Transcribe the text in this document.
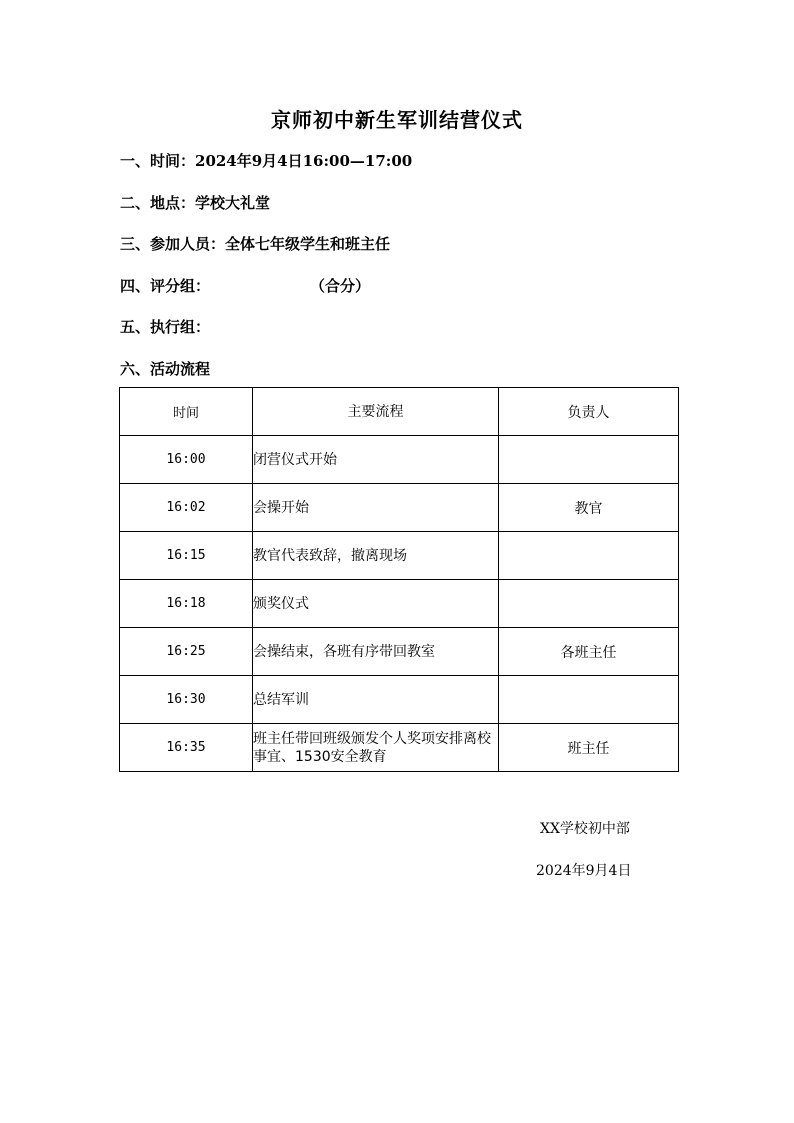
京师初中新生军训结营仪式
一、时间：2024年9月4日16:00—17:00
二、地点：学校大礼堂
三、参加人员：全体七年级学生和班主任
四、评分组：	（合分）
五、执行组：
六、活动流程
时间	主要流程	负责人
16:00	闭营仪式开始	
16:02	会操开始	教官
16:15	教官代表致辞，撤离现场	
16:18	颁奖仪式	
16:25	会操结束，各班有序带回教室	各班主任
16:30	总结军训	
16:35	班主任带回班级颁发个人奖项安排离校事宜、1530安全教育	班主任
XX学校初中部
2024年9月4日
